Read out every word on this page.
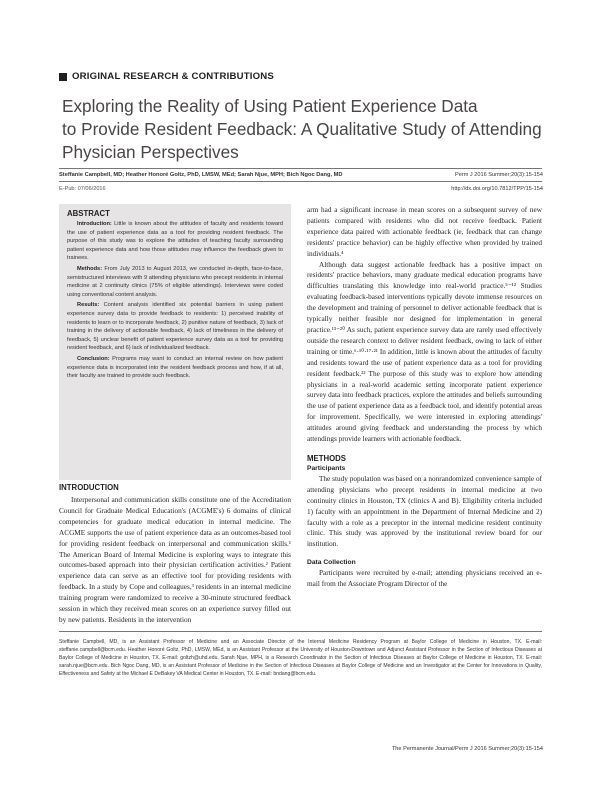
ORIGINAL RESEARCH & CONTRIBUTIONS
Exploring the Reality of Using Patient Experience Data
to Provide Resident Feedback: A Qualitative Study of Attending
Physician Perspectives
Steffanie Campbell, MD; Heather Honoré Goltz, PhD, LMSW, MEd; Sarah Njue, MPH; Bich Ngoc Dang, MD	Perm J 2016 Summer;20(3):15-154
E-Pub: 07/06/2016	http://dx.doi.org/10.7812/TPP/15-154
ABSTRACT

Introduction: Little is known about the attitudes of faculty and residents toward the use of patient experience data as a tool for providing resident feedback. The purpose of this study was to explore the attitudes of teaching faculty surrounding patient experience data and how those attitudes may influence the feedback given to trainees.

Methods: From July 2013 to August 2013, we conducted in-depth, face-to-face, semistructured interviews with 9 attending physicians who precept residents in internal medicine at 2 continuity clinics (75% of eligible attendings). Interviews were coded using conventional content analysis.

Results: Content analysis identified six potential barriers in using patient experience survey data to provide feedback to residents: 1) perceived inability of residents to learn or to incorporate feedback, 2) punitive nature of feedback, 3) lack of training in the delivery of actionable feedback, 4) lack of timeliness in the delivery of feedback, 5) unclear benefit of patient experience survey data as a tool for providing resident feedback, and 6) lack of individualized feedback.

Conclusion: Programs may want to conduct an internal review on how patient experience data is incorporated into the resident feedback process and how, if at all, their faculty are trained to provide such feedback.

INTRODUCTION

Interpersonal and communication skills constitute one of the Accreditation Council for Graduate Medical Education's (ACGME's) 6 domains of clinical competencies for graduate medical education in internal medicine. The ACGME supports the use of patient experience data as an outcomes-based tool for providing resident feedback on interpersonal and communication skills.¹ The American Board of Internal Medicine is exploring ways to integrate this outcomes-based approach into their physician certification activities.² Patient experience data can serve as an effective tool for providing residents with feedback. In a study by Cope and colleagues,³ residents in an internal medicine training program were randomized to receive a 30-minute structured feedback session in which they received mean scores on an experience survey filled out by new patients. Residents in the intervention

arm had a significant increase in mean scores on a subsequent survey of new patients compared with residents who did not receive feedback. Patient experience data paired with actionable feedback (ie, feedback that can change residents' practice behavior) can be highly effective when provided by trained individuals.⁴

Although data suggest actionable feedback has a positive impact on residents' practice behaviors, many graduate medical education programs have difficulties translating this knowledge into real-world practice.⁵⁻¹² Studies evaluating feedback-based interventions typically devote immense resources on the development and training of personnel to deliver actionable feedback that is typically neither feasible nor designed for implementation in general practice.¹³⁻²⁰ As such, patient experience survey data are rarely used effectively outside the research context to deliver resident feedback, owing to lack of either training or time.⁶·¹⁰·¹⁷·²¹ In addition, little is known about the attitudes of faculty and residents toward the use of patient experience data as a tool for providing resident feedback.²² The purpose of this study was to explore how attending physicians in a real-world academic setting incorporate patient experience survey data into feedback practices, explore the attitudes and beliefs surrounding the use of patient experience data as a feedback tool, and identify potential areas for improvement. Specifically, we were interested in exploring attendings' attitudes around giving feedback and understanding the process by which attendings provide learners with actionable feedback.

METHODS
Participants

The study population was based on a nonrandomized convenience sample of attending physicians who precept residents in internal medicine at two continuity clinics in Houston, TX (clinics A and B). Eligibility criteria included 1) faculty with an appointment in the Department of Internal Medicine and 2) faculty with a role as a preceptor in the internal medicine resident continuity clinic. This study was approved by the institutional review board for our institution.

Data Collection

Participants were recruited by e-mail; attending physicians received an e-mail from the Associate Program Director of the

Steffanie Campbell, MD, is an Assistant Professor of Medicine and an Associate Director of the Internal Medicine Residency Program at Baylor College of Medicine in Houston, TX. E-mail: steffanie.campbell@bcm.edu. Heather Honoré Goltz, PhD, LMSW, MEd, is an Assistant Professor at the University of Houston-Downtown and Adjunct Assistant Professor in the Section of Infectious Diseases at Baylor College of Medicine in Houston, TX. E-mail: goltzh@uhd.edu. Sarah Njue, MPH, is a Research Coordinator in the Section of Infectious Diseases at Baylor College of Medicine in Houston, TX. E-mail: sarah.njue@bcm.edu. Bich Ngoc Dang, MD, is an Assistant Professor of Medicine in the Section of Infectious Diseases at Baylor College of Medicine and an Investigator at the Center for Innovations in Quality, Effectiveness and Safety at the Michael E DeBakey VA Medical Center in Houston, TX. E-mail: bndang@bcm.edu.
The Permanente Journal/Perm J 2016 Summer;20(3):15-154
